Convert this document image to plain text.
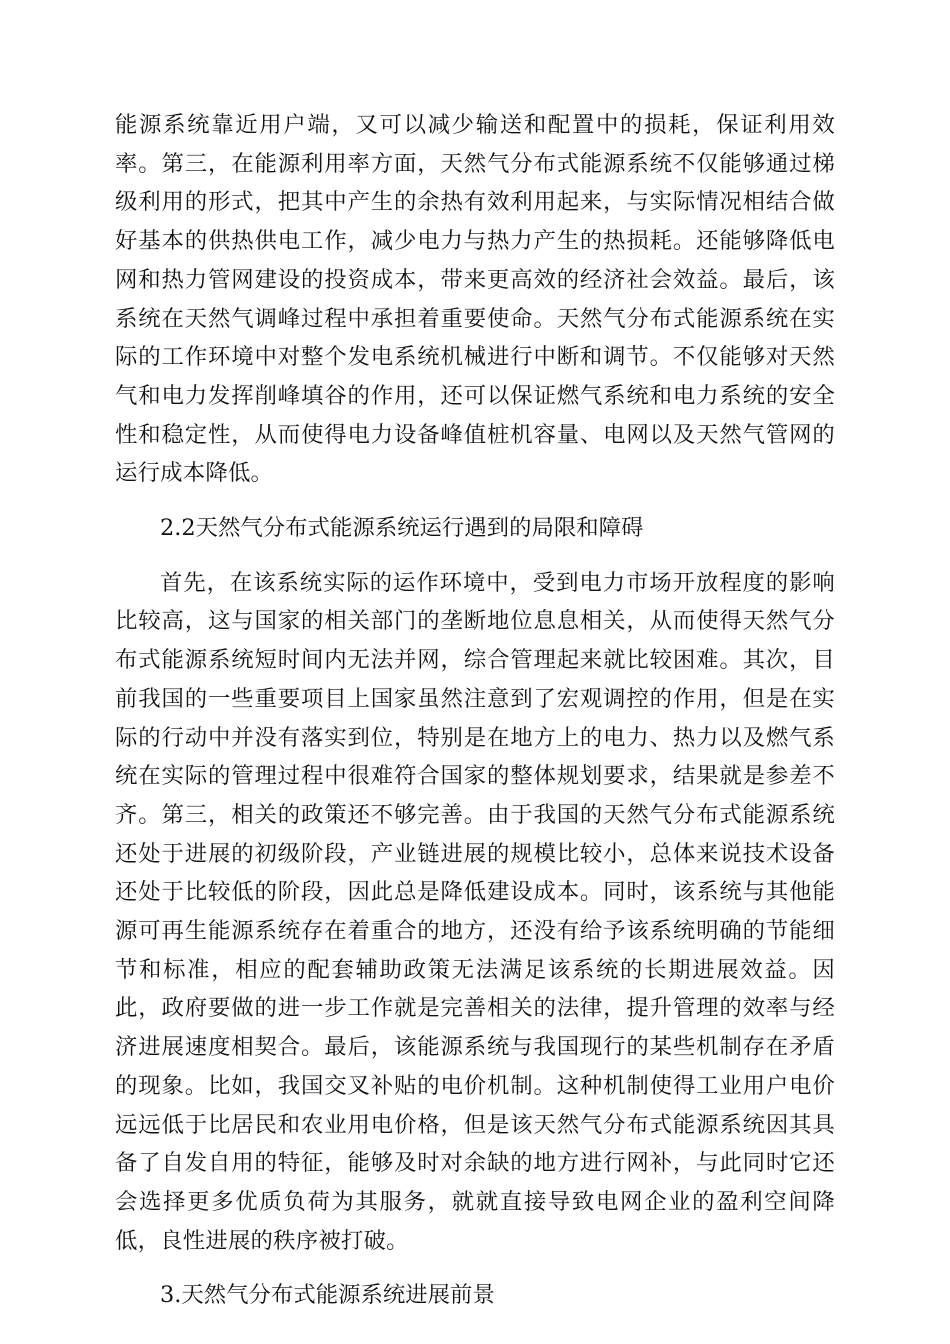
能源系统靠近用户端，又可以减少输送和配置中的损耗，保证利用效率。第三，在能源利用率方面，天然气分布式能源系统不仅能够通过梯级利用的形式，把其中产生的余热有效利用起来，与实际情况相结合做好基本的供热供电工作，减少电力与热力产生的热损耗。还能够降低电网和热力管网建设的投资成本，带来更高效的经济社会效益。最后，该系统在天然气调峰过程中承担着重要使命。天然气分布式能源系统在实际的工作环境中对整个发电系统机械进行中断和调节。不仅能够对天然气和电力发挥削峰填谷的作用，还可以保证燃气系统和电力系统的安全性和稳定性，从而使得电力设备峰值桩机容量、电网以及天然气管网的运行成本降低。

2.2天然气分布式能源系统运行遇到的局限和障碍

首先，在该系统实际的运作环境中，受到电力市场开放程度的影响比较高，这与国家的相关部门的垄断地位息息相关，从而使得天然气分布式能源系统短时间内无法并网，综合管理起来就比较困难。其次，目前我国的一些重要项目上国家虽然注意到了宏观调控的作用，但是在实际的行动中并没有落实到位，特别是在地方上的电力、热力以及燃气系统在实际的管理过程中很难符合国家的整体规划要求，结果就是参差不齐。第三，相关的政策还不够完善。由于我国的天然气分布式能源系统还处于进展的初级阶段，产业链进展的规模比较小，总体来说技术设备还处于比较低的阶段，因此总是降低建设成本。同时，该系统与其他能源可再生能源系统存在着重合的地方，还没有给予该系统明确的节能细节和标准，相应的配套辅助政策无法满足该系统的长期进展效益。因此，政府要做的进一步工作就是完善相关的法律，提升管理的效率与经济进展速度相契合。最后，该能源系统与我国现行的某些机制存在矛盾的现象。比如，我国交叉补贴的电价机制。这种机制使得工业用户电价远远低于比居民和农业用电价格，但是该天然气分布式能源系统因其具备了自发自用的特征，能够及时对余缺的地方进行网补，与此同时它还会选择更多优质负荷为其服务，就就直接导致电网企业的盈利空间降低，良性进展的秩序被打破。

3.天然气分布式能源系统进展前景
